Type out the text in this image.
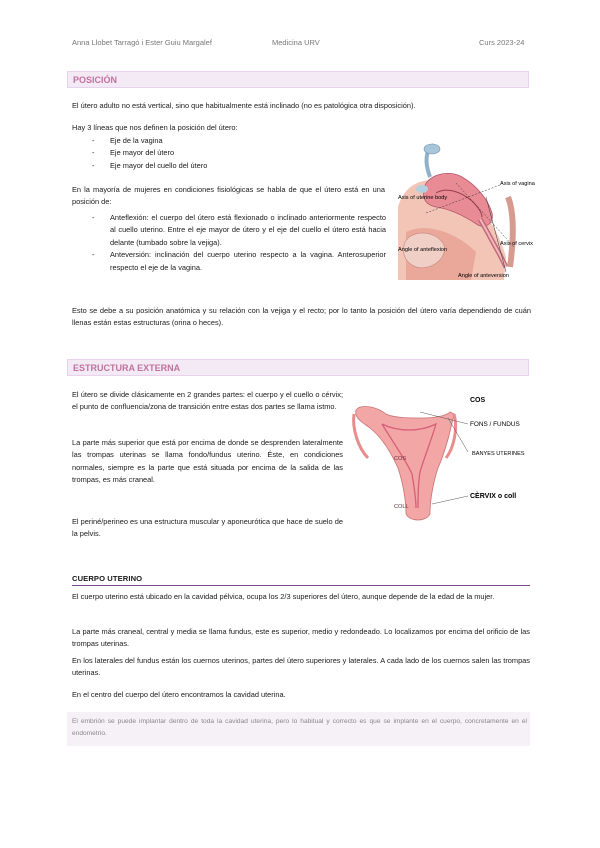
Anna Llobet Tarragó i Ester Guiu Margalef	Medicina URV	Curs 2023-24
POSICIÓN
El útero adulto no está vertical, sino que habitualmente está inclinado (no es patológica otra disposición).
Hay 3 líneas que nos definen la posición del útero:
- Eje de la vagina
- Eje mayor del útero
- Eje mayor del cuello del útero
En la mayoría de mujeres en condiciones fisiológicas se habla de que el útero está en una posición de:
- Anteflexión: el cuerpo del útero está flexionado o inclinado anteriormente respecto al cuello uterino. Entre el eje mayor de útero y el eje del cuello el útero está hacia delante (tumbado sobre la vejiga).
- Anteversión: inclinación del cuerpo uterino respecto a la vagina. Anterosuperior respecto el eje de la vagina.
Esto se debe a su posición anatómica y su relación con la vejiga y el recto; por lo tanto la posición del útero varía dependiendo de cuán llenas están estas estructuras (orina o heces).
Axis of vagina
Axis of uterine body
Axis of cervix
Angle of anteflexion
Angle of anteversion
ESTRUCTURA EXTERNA
El útero se divide clásicamente en 2 grandes partes: el cuerpo y el cuello o cérvix; el punto de confluencia/zona de transición entre estas dos partes se llama istmo.
La parte más superior que está por encima de donde se desprenden lateralmente las trompas uterinas se llama fondo/fundus uterino. Éste, en condiciones normales, siempre es la parte que está situada por encima de la salida de las trompas, es más craneal.
El periné/perineo es una estructura muscular y aponeurótica que hace de suelo de la pelvis.
COS
COLL
COS
FONS / FUNDUS
BANYES UTERINES
CÈRVIX o coll
CUERPO UTERINO
El cuerpo uterino está ubicado en la cavidad pélvica, ocupa los 2/3 superiores del útero, aunque depende de la edad de la mujer.
La parte más craneal, central y media se llama fundus, este es superior, medio y redondeado. Lo localizamos por encima del orificio de las trompas uterinas.
En los laterales del fundus están los cuernos uterinos, partes del útero superiores y laterales. A cada lado de los cuernos salen las trompas uterinas.
En el centro del cuerpo del útero encontramos la cavidad uterina.
El embrión se puede implantar dentro de toda la cavidad uterina, pero lo habitual y correcto es que se implante en el cuerpo, concretamente en el endometrio.
